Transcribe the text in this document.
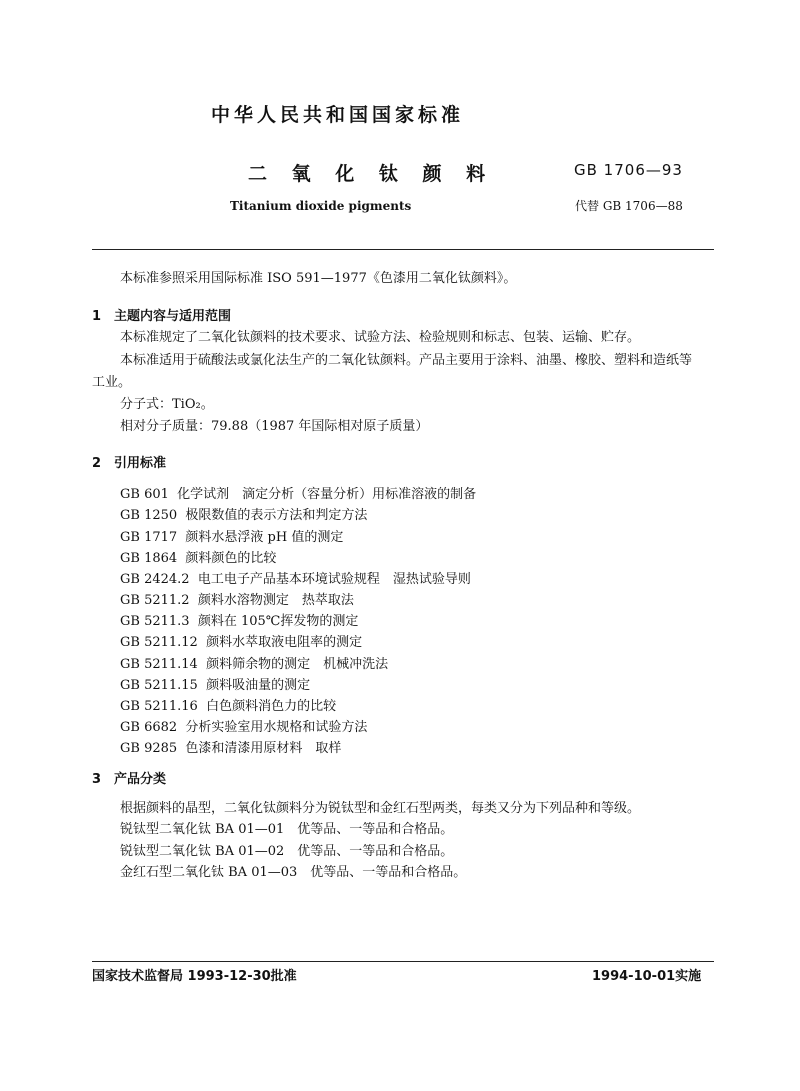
中华人民共和国国家标准
二 氧 化 钛 颜 料	GB 1706—93
Titanium dioxide pigments	代替 GB 1706—88
本标准参照采用国际标准 ISO 591—1977《色漆用二氧化钛颜料》。
1 主题内容与适用范围
本标准规定了二氧化钛颜料的技术要求、试验方法、检验规则和标志、包装、运输、贮存。
本标准适用于硫酸法或氯化法生产的二氧化钛颜料。产品主要用于涂料、油墨、橡胶、塑料和造纸等
工业。
分子式：TiO₂。
相对分子质量：79.88（1987 年国际相对原子质量）
2 引用标准
GB 601 化学试剂　滴定分析（容量分析）用标准溶液的制备
GB 1250 极限数值的表示方法和判定方法
GB 1717 颜料水悬浮液 pH 值的测定
GB 1864 颜料颜色的比较
GB 2424.2 电工电子产品基本环境试验规程　湿热试验导则
GB 5211.2 颜料水溶物测定　热萃取法
GB 5211.3 颜料在 105℃挥发物的测定
GB 5211.12 颜料水萃取液电阻率的测定
GB 5211.14 颜料筛余物的测定　机械冲洗法
GB 5211.15 颜料吸油量的测定
GB 5211.16 白色颜料消色力的比较
GB 6682 分析实验室用水规格和试验方法
GB 9285 色漆和清漆用原材料　取样
3 产品分类
根据颜料的晶型，二氧化钛颜料分为锐钛型和金红石型两类，每类又分为下列品种和等级。
锐钛型二氧化钛 BA 01—01　优等品、一等品和合格品。
锐钛型二氧化钛 BA 01—02　优等品、一等品和合格品。
金红石型二氧化钛 BA 01—03　优等品、一等品和合格品。
国家技术监督局 1993-12-30批准	1994-10-01实施
